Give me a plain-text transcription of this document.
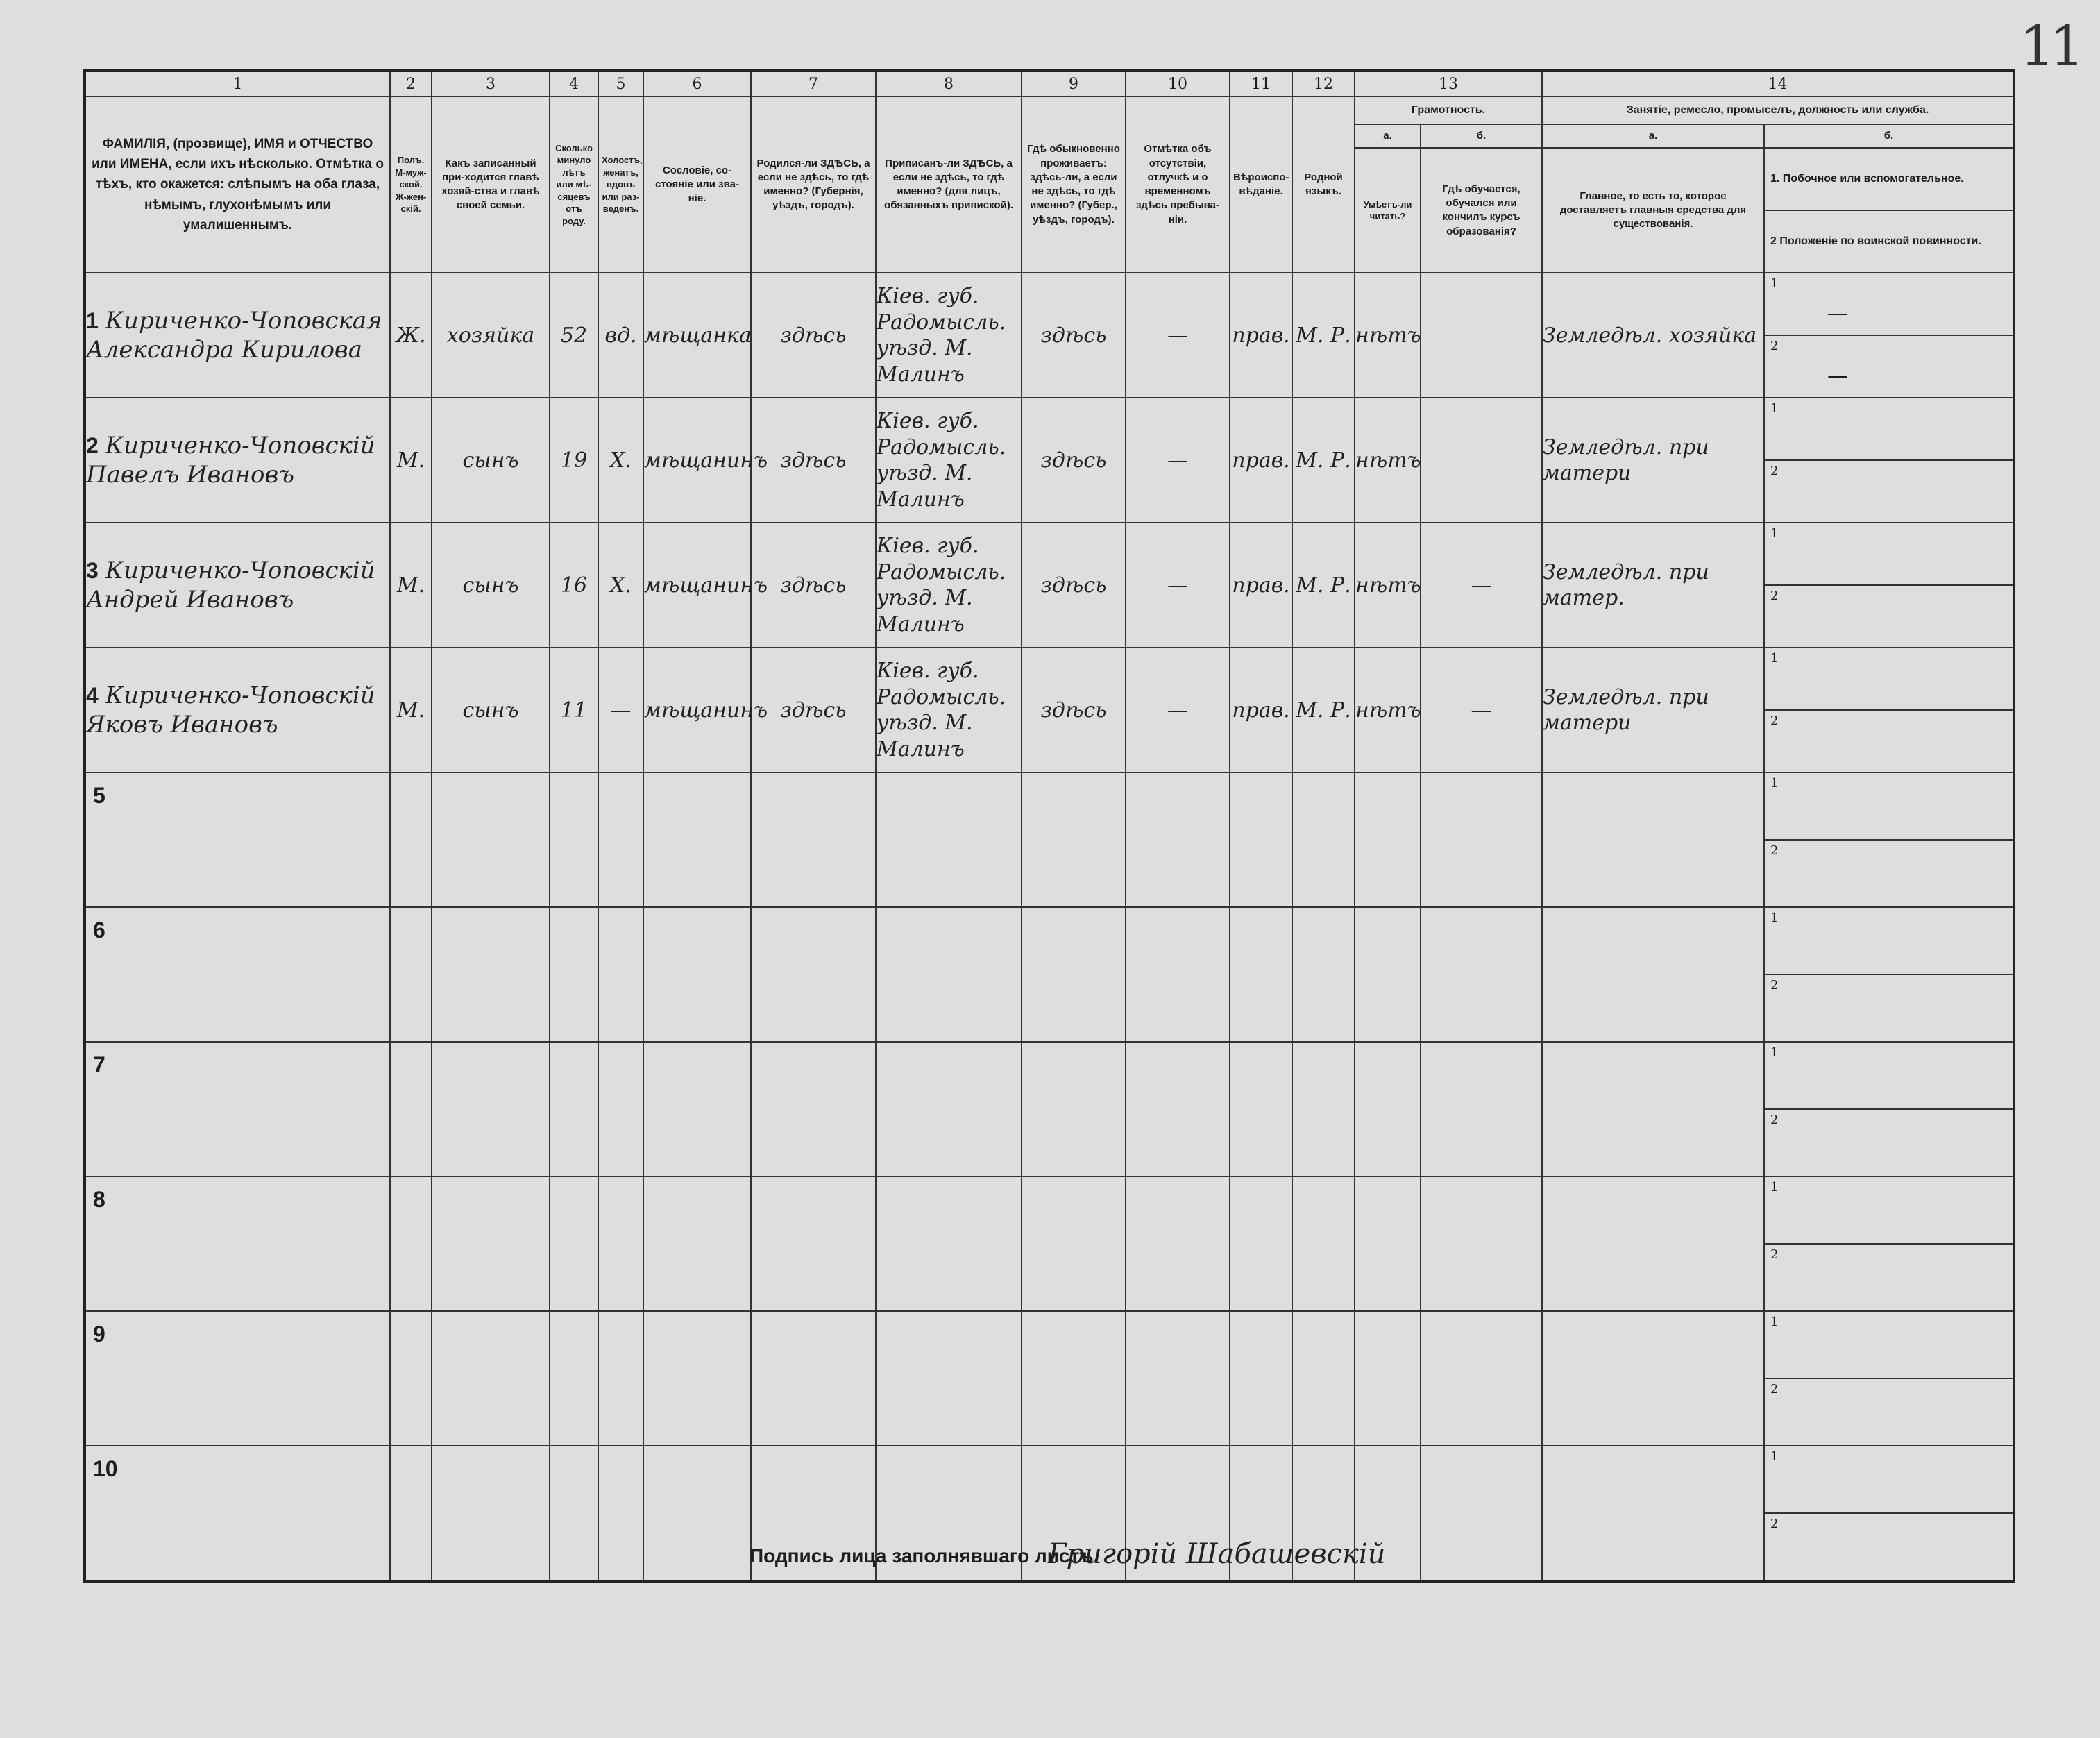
11
1	2	3	4	5	6	7	8	9	10	11	12	13		14	
ФАМИЛІЯ, (прозвище), ИМЯ и ОТЧЕСТВО или ИМЕНА, если ихъ нѣсколько. Отмѣтка о тѣхъ, кто окажется: слѣпымъ на оба глаза, нѣмымъ, глухонѣмымъ или умалишеннымъ.	Полъ. М-муж-ской. Ж-жен-скій.	Какъ записанный при-ходится главѣ хозяй-ства и главѣ своей семьи.	Сколько минуло лѣтъ или мѣ-сяцевъ отъ роду.	Холостъ, женатъ, вдовъ или раз-веденъ.	Сословіе, со-стояніе или зва-ніе.	Родился-ли ЗДѢСЬ, а если не здѣсь, то гдѣ именно? (Губернія, уѣздъ, городъ).	Приписанъ-ли ЗДѢСЬ, а если не здѣсь, то гдѣ именно? (для лицъ, обязанныхъ припиской).	Гдѣ обыкновенно проживаетъ: здѣсь-ли, а если не здѣсь, то гдѣ именно? (Губер., уѣздъ, городъ).	Отмѣтка объ отсутствіи, отлучкѣ и о временномъ здѣсь пребыва-ніи.	Вѣроиспо-вѣданіе.	Родной языкъ.	Грамотность.		Занятіе, ремесло, промыселъ, должность или служба.	
												а.	б.	а.	б.
												Умѣетъ-ли читать?	Гдѣ обучается, обучался или кончилъ курсъ образованія?	Главное, то есть то, которое доставляетъ главныя средства для существованія.	1. Побочное или вспомогательное.
2 Положеніе по воинской повинности.

1 Кириченко-Чоповская Александра Кирилова	Ж.	хозяйка	52	вд.	мѣщанка	здѣсь	Кіев. губ. Радомысль. уѣзд. М. Малинъ	здѣсь	—	прав.	М. Р.	нѣтъ		Земледѣл. хозяйка	1
—
2
—

2 Кириченко-Чоповскій Павелъ Ивановъ	М.	сынъ	19	Х.	мѣщанинъ	здѣсь	Кіев. губ. Радомысль. уѣзд. М. Малинъ	здѣсь	—	прав.	М. Р.	нѣтъ		Земледѣл. при матери	1
2

3 Кириченко-Чоповскій Андрей Ивановъ	М.	сынъ	16	Х.	мѣщанинъ	здѣсь	Кіев. губ. Радомысль. уѣзд. М. Малинъ	здѣсь	—	прав.	М. Р.	нѣтъ	—	Земледѣл. при матер.	1
2

4 Кириченко-Чоповскій Яковъ Ивановъ	М.	сынъ	11	—	мѣщанинъ	здѣсь	Кіев. губ. Радомысль. уѣзд. М. Малинъ	здѣсь	—	прав.	М. Р.	нѣтъ	—	Земледѣл. при матери	1
2

5															1
2

6															1
2

7															1
2

8															1
2

9															1
2

10															1
2
Подпись лица заполнявшаго листъ
Григорій Шабашевскій
